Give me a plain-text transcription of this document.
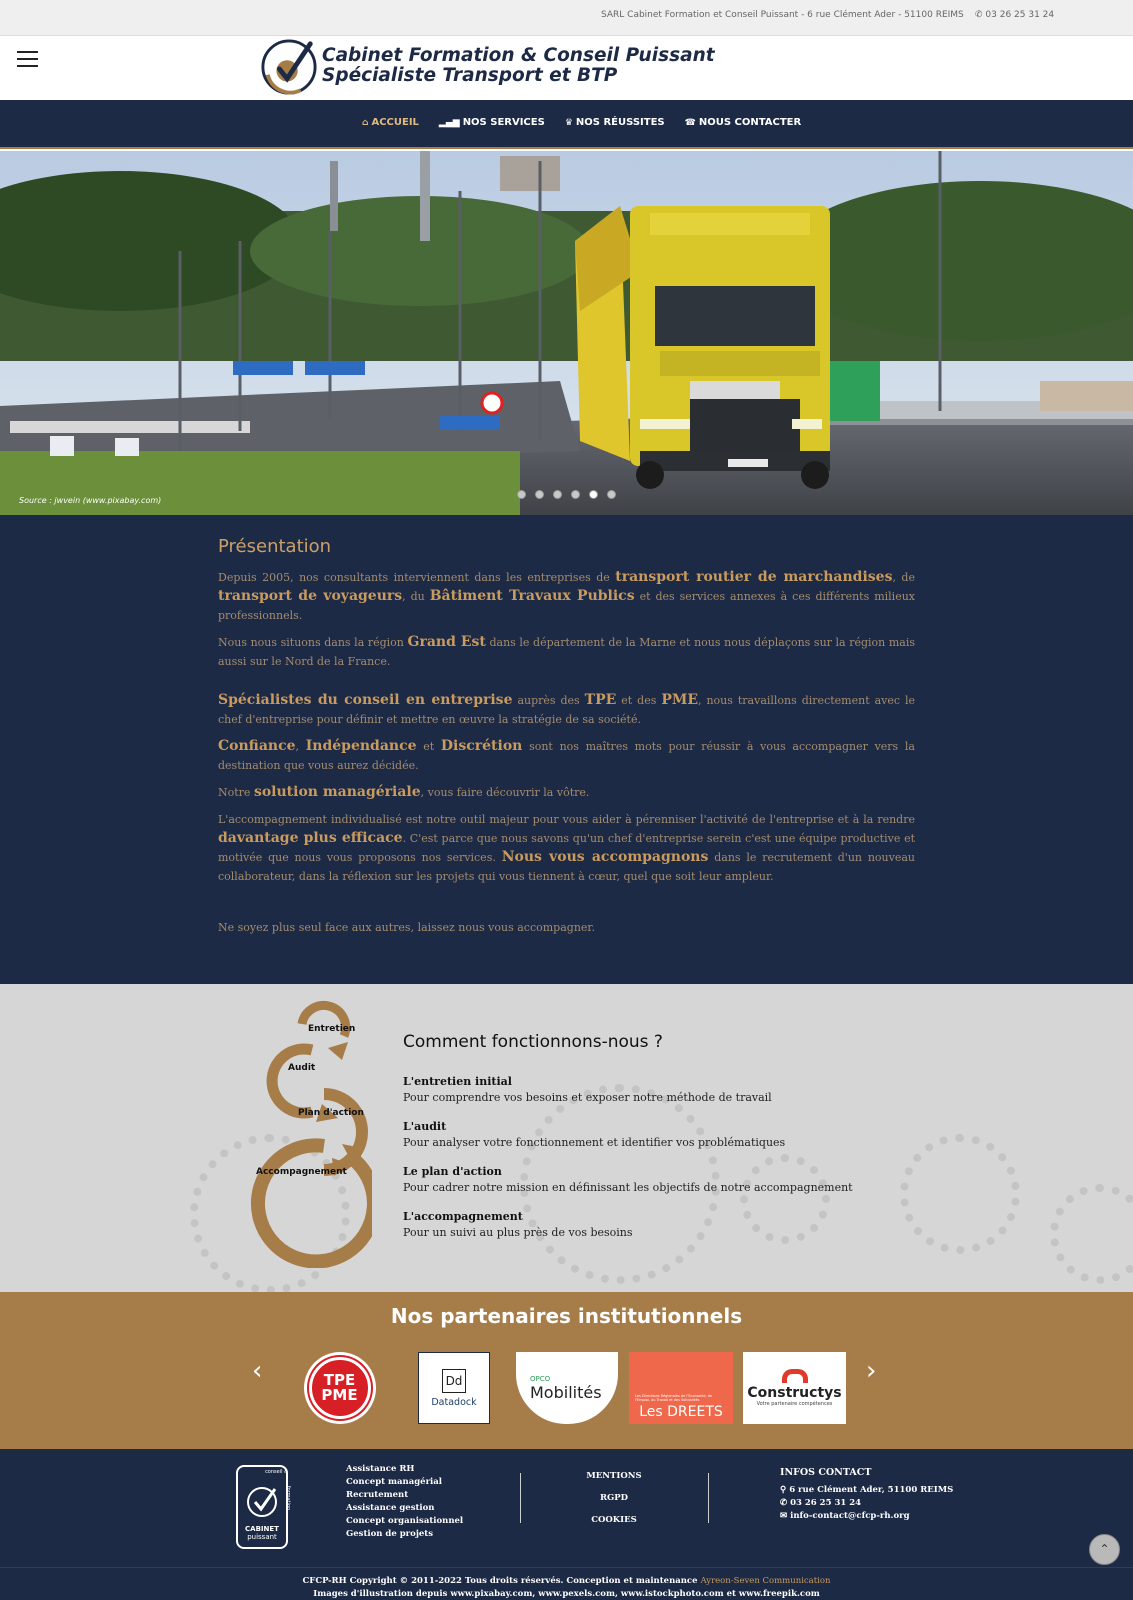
SARL Cabinet Formation et Conseil Puissant - 6 rue Clément Ader - 51100 REIMS ✆ 03 26 25 31 24
Cabinet Formation & Conseil Puissant
Spécialiste Transport et BTP
⌂ ACCUEIL ▂▄▆ NOS SERVICES ♛ NOS RÉUSSITES ☎ NOUS CONTACTER
Source : jwvein (www.pixabay.com)
Présentation

Depuis 2005, nos consultants interviennent dans les entreprises de transport routier de marchandises, de transport de voyageurs, du Bâtiment Travaux Publics et des services annexes à ces différents milieux professionnels.

Nous nous situons dans la région Grand Est dans le département de la Marne et nous nous déplaçons sur la région mais aussi sur le Nord de la France.

Spécialistes du conseil en entreprise auprès des TPE et des PME, nous travaillons directement avec le chef d'entreprise pour définir et mettre en œuvre la stratégie de sa société.

Confiance, Indépendance et Discrétion sont nos maîtres mots pour réussir à vous accompagner vers la destination que vous aurez décidée.

Notre solution managériale, vous faire découvrir la vôtre.

L'accompagnement individualisé est notre outil majeur pour vous aider à pérenniser l'activité de l'entreprise et à la rendre davantage plus efficace. C'est parce que nous savons qu'un chef d'entreprise serein c'est une équipe productive et motivée que nous vous proposons nos services. Nous vous accompagnons dans le recrutement d'un nouveau collaborateur, dans la réflexion sur les projets qui vous tiennent à cœur, quel que soit leur ampleur.

Ne soyez plus seul face aux autres, laissez nous vous accompagner.

Entretien
Audit
Plan d'action
Accompagnement
Comment fonctionnons-nous ?
L'entretien initial
Pour comprendre vos besoins et exposer notre méthode de travail
L'audit
Pour analyser votre fonctionnement et identifier vos problématiques
Le plan d'action
Pour cadrer notre mission en définissant les objectifs de notre accompagnement
L'accompagnement
Pour un suivi au plus près de vos besoins
Nos partenaires institutionnels
‹	›
TPE
PME
Dd
Datadock
OPCO
Mobilités	Les Directions Régionales de l'Économie, de l'Emploi, du Travail et des Solidarités
Les DREETS
Constructys
Votre partenaire compétences
conseil &
formation
CABINET
puissant
Assistance RH
Concept managérial
Recrutement
Assistance gestion
Concept organisationnel
Gestion de projets
MENTIONS
RGPD
COOKIES
INFOS CONTACT
⚲ 6 rue Clément Ader, 51100 REIMS
✆ 03 26 25 31 24
✉ info-contact@cfcp-rh.org
CFCP-RH Copyright © 2011-2022 Tous droits réservés. Conception et maintenance Ayreon-Seven Communication
Images d'illustration depuis www.pixabay.com, www.pexels.com, www.istockphoto.com et www.freepik.com
⌃
